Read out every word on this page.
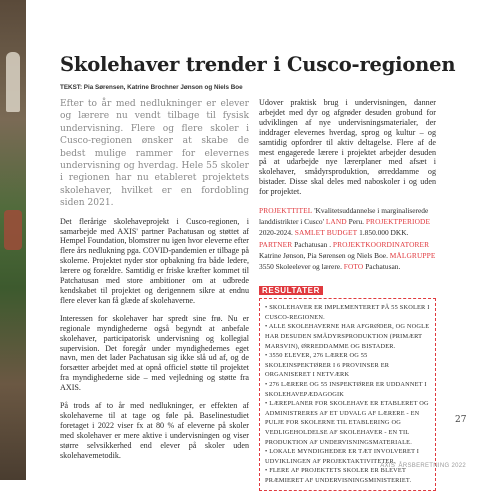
Skolehaver trender i Cusco-regionen
TEKST: Pia Sørensen, Katrine Brochner Jønson og Niels Boe

Efter to år med nedlukninger er elever og lærere nu vendt tilbage til fysisk undervisning. Flere og flere skoler i Cusco-regionen ønsker at skabe de bedst mulige rammer for elevernes undervisning og hverdag. Hele 55 skoler i regionen har nu etableret projektets skolehaver, hvilket er en fordobling siden 2021.

Det flerårige skolehaveprojekt i Cusco-regionen, i samarbejde med AXIS' partner Pachatusan og støttet af Hempel Foundation, blomstrer nu igen hvor eleverne efter flere års nedlukning pga. COVID-pandemien er tilbage på skolerne. Projektet nyder stor opbakning fra både ledere, lærere og forældre. Samtidig er friske kræfter kommet til Patchatusan med store ambitioner om at udbrede kendskabet til projektet og derigennem sikre at endnu flere elever kan få glæde af skolehaverne.

Interessen for skolehaver har spredt sine frø. Nu er regionale myndighederne også begyndt at anbefale skolehaver, participatorisk undervisning og kollegial supervision. Det foregår under myndighedernes eget navn, men det lader Pachatusan sig ikke slå ud af, og de forsætter arbejdet med at opnå officiel støtte til projektet fra myndighederne side – med vejledning og støtte fra AXIS.

På trods af to år med nedlukninger, er effekten af skolehaverne til at tage og føle på. Baselinestudiet foretaget i 2022 viser fx at 80 % af eleverne på skoler med skolehaver er mere aktive i undervisningen og viser større selvsikkerhed end elever på skoler uden skolehavemetodik.

Udover praktisk brug i undervisningen, danner arbejdet med dyr og afgrøder desuden grobund for udviklingen af nye undervisningsmaterialer, der inddrager elevernes hverdag, sprog og kultur – og samtidig opfordrer til aktiv deltagelse. Flere af de mest engagerede lærere i projektet arbejder desuden på at udarbejde nye lærerplaner med afsæt i skolehaver, smådyrsproduktion, ørreddamme og bistader. Disse skal deles med naboskoler i og uden for projektet.

PROJEKTTITEL 'Kvalitetsuddannelse i marginaliserede landdistrikter i Cusco' LAND Peru. PROJEKTPERIODE 2020-2024. SAMLET BUDGET 1.850.000 DKK. PARTNER Pachatusan . PROJEKTKOORDINATORER Katrine Jønson, Pia Sørensen og Niels Boe. MÅLGRUPPE 3550 Skoleelever og lærere. FOTO Pachatusan.
RESULTATER

• SKOLEHAVER ER IMPLEMENTERET PÅ 55 SKOLER I CUSCO-REGIONEN.

• ALLE SKOLEHAVERNE HAR AFGRØDER, OG NOGLE HAR DESUDEN SMÅDYRSPRODUKTION (PRIMÆRT MARSVIN), ØRREDDAMME OG BISTADER.

• 3550 ELEVER, 276 LÆRER OG 55 SKOLEINSPEKTØRER I 6 PROVINSER ER ORGANISERET I NETVÆRK

• 276 LÆRERE OG 55 INSPEKTØRER ER UDDANNET I SKOLEHAVEPÆDAGOGIK

• LÆREPLANER FOR SKOLEHAVE ER ETABLERET OG ADMINISTRERES AF ET UDVALG AF LÆRERE - EN PULJE FOR SKOLERNE TIL ETABLERING OG VEDLIGEHOLDELSE AF SKOLEHAVER - EN TIL PRODUKTION AF UNDERVISNINGSMATERIALE.

• LOKALE MYNDIGHEDER ER TÆT INVOLVERET I UDVIKLINGEN AF PROJEKTAKTIVITETER.

• FLERE AF PROJEKTETS SKOLER ER BLEVET PRÆMIERET AF UNDERVISNINGSMINISTERIET.

27
AXIS' ÅRSBERETNING 2022
